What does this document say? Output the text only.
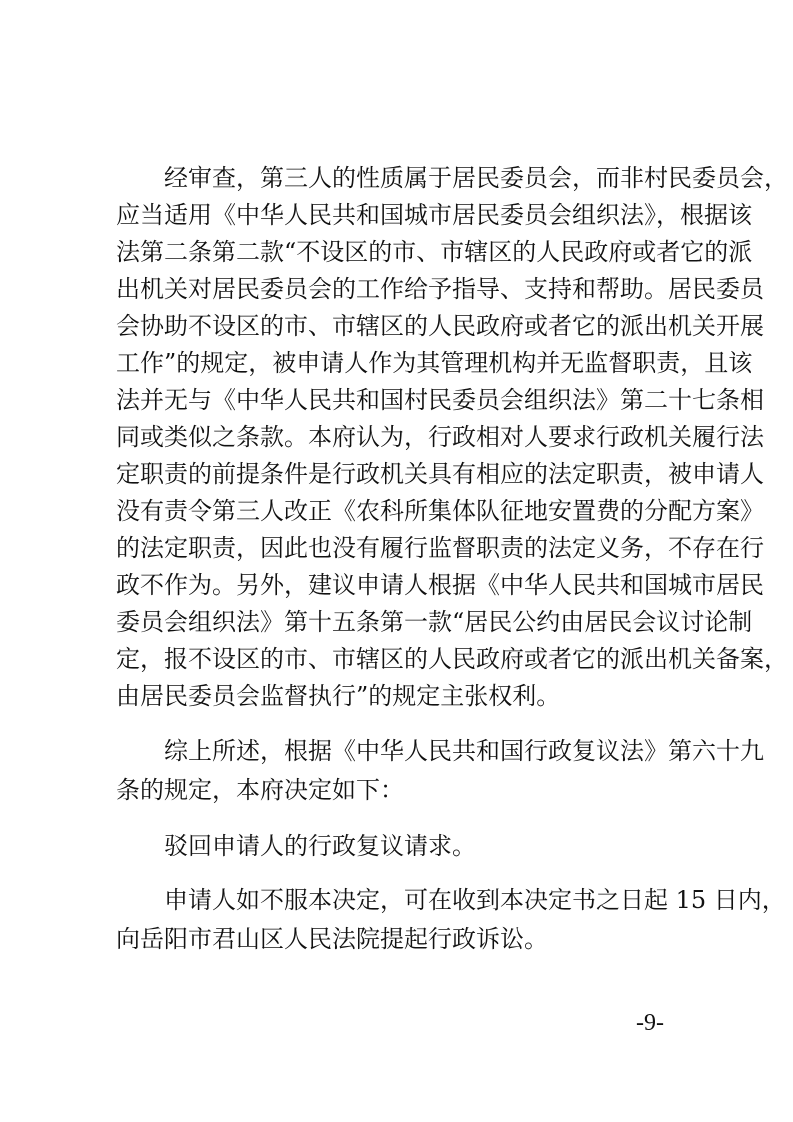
经审查，第三人的性质属于居民委员会，而非村民委员会，
应当适用《中华人民共和国城市居民委员会组织法》，根据该
法第二条第二款“不设区的市、市辖区的人民政府或者它的派
出机关对居民委员会的工作给予指导、支持和帮助。居民委员
会协助不设区的市、市辖区的人民政府或者它的派出机关开展
工作”的规定，被申请人作为其管理机构并无监督职责，且该
法并无与《中华人民共和国村民委员会组织法》第二十七条相
同或类似之条款。本府认为，行政相对人要求行政机关履行法
定职责的前提条件是行政机关具有相应的法定职责，被申请人
没有责令第三人改正《农科所集体队征地安置费的分配方案》
的法定职责，因此也没有履行监督职责的法定义务，不存在行
政不作为。另外，建议申请人根据《中华人民共和国城市居民
委员会组织法》第十五条第一款“居民公约由居民会议讨论制
定，报不设区的市、市辖区的人民政府或者它的派出机关备案，
由居民委员会监督执行”的规定主张权利。
综上所述，根据《中华人民共和国行政复议法》第六十九
条的规定，本府决定如下：
驳回申请人的行政复议请求。
申请人如不服本决定，可在收到本决定书之日起 15 日内，
向岳阳市君山区人民法院提起行政诉讼。
-9-
